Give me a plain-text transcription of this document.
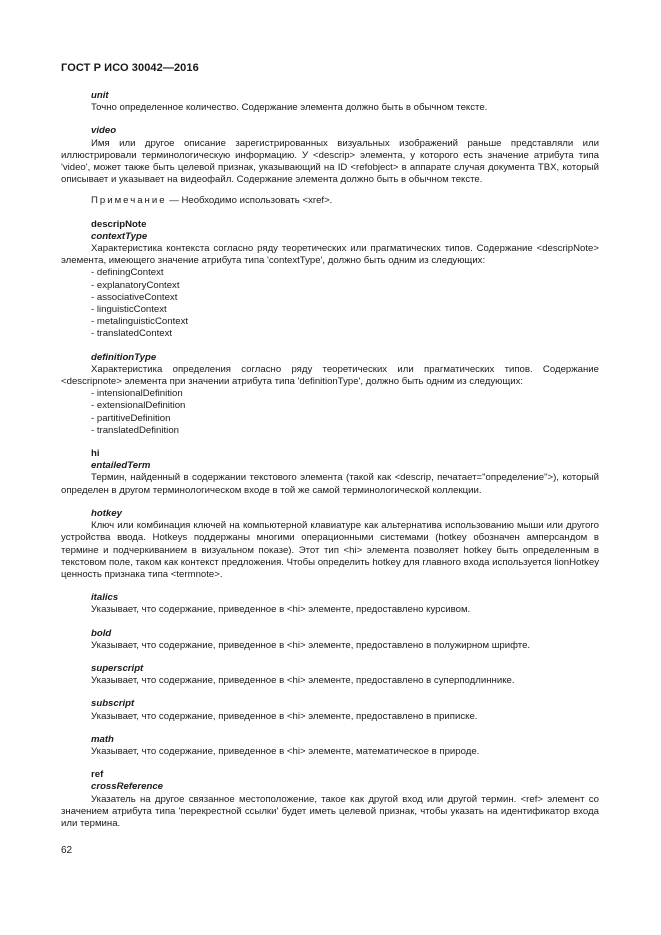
ГОСТ Р ИСО 30042—2016
unit
Точно определенное количество. Содержание элемента должно быть в обычном тексте.
video
Имя или другое описание зарегистрированных визуальных изображений раньше представляли или иллюстрировали терминологическую информацию. У <descrip> элемента, у которого есть значение атрибута типа 'video', может также быть целевой признак, указывающий на ID <refobject> в аппарате случая документа TBX, который описывает и указывает на видеофайл. Содержание элемента должно быть в обычном тексте.
Примечание — Необходимо использовать <xref>.
descripNote
contextType
Характеристика контекста согласно ряду теоретических или прагматических типов. Содержание <descripNote> элемента, имеющего значение атрибута типа 'contextType', должно быть одним из следующих:
- definingContext
- explanatoryContext
- associativeContext
- linguisticContext
- metalinguisticContext
- translatedContext
definitionType
Характеристика определения согласно ряду теоретических или прагматических типов. Содержание <descripnote> элемента при значении атрибута типа 'definitionType', должно быть одним из следующих:
- intensionalDefinition
- extensionalDefinition
- partitiveDefinition
- translatedDefinition
hi
entailedTerm
Термин, найденный в содержании текстового элемента (такой как <descrip, печатает="определение">), который определен в другом терминологическом входе в той же самой терминологической коллекции.
hotkey
Ключ или комбинация ключей на компьютерной клавиатуре как альтернатива использованию мыши или другого устройства ввода. Hotkeys поддержаны многими операционными системами (hotkey обозначен амперсандом в термине и подчеркиванием в визуальном показе). Этот тип <hi> элемента позволяет hotkey быть определенным в текстовом поле, таком как контекст предложения. Чтобы определить hotkey для главного входа используется lionHotkey ценность признака типа <termnote>.
italics
Указывает, что содержание, приведенное в <hi> элементе, предоставлено курсивом.
bold
Указывает, что содержание, приведенное в <hi> элементе, предоставлено в полужирном шрифте.
superscript
Указывает, что содержание, приведенное в <hi> элементе, предоставлено в суперподлиннике.
subscript
Указывает, что содержание, приведенное в <hi> элементе, предоставлено в приписке.
math
Указывает, что содержание, приведенное в <hi> элементе, математическое в природе.
ref
crossReference
Указатель на другое связанное местоположение, такое как другой вход или другой термин. <ref> элемент со значением атрибута типа 'перекрестной ссылки' будет иметь целевой признак, чтобы указать на идентификатор входа или термина.
62
